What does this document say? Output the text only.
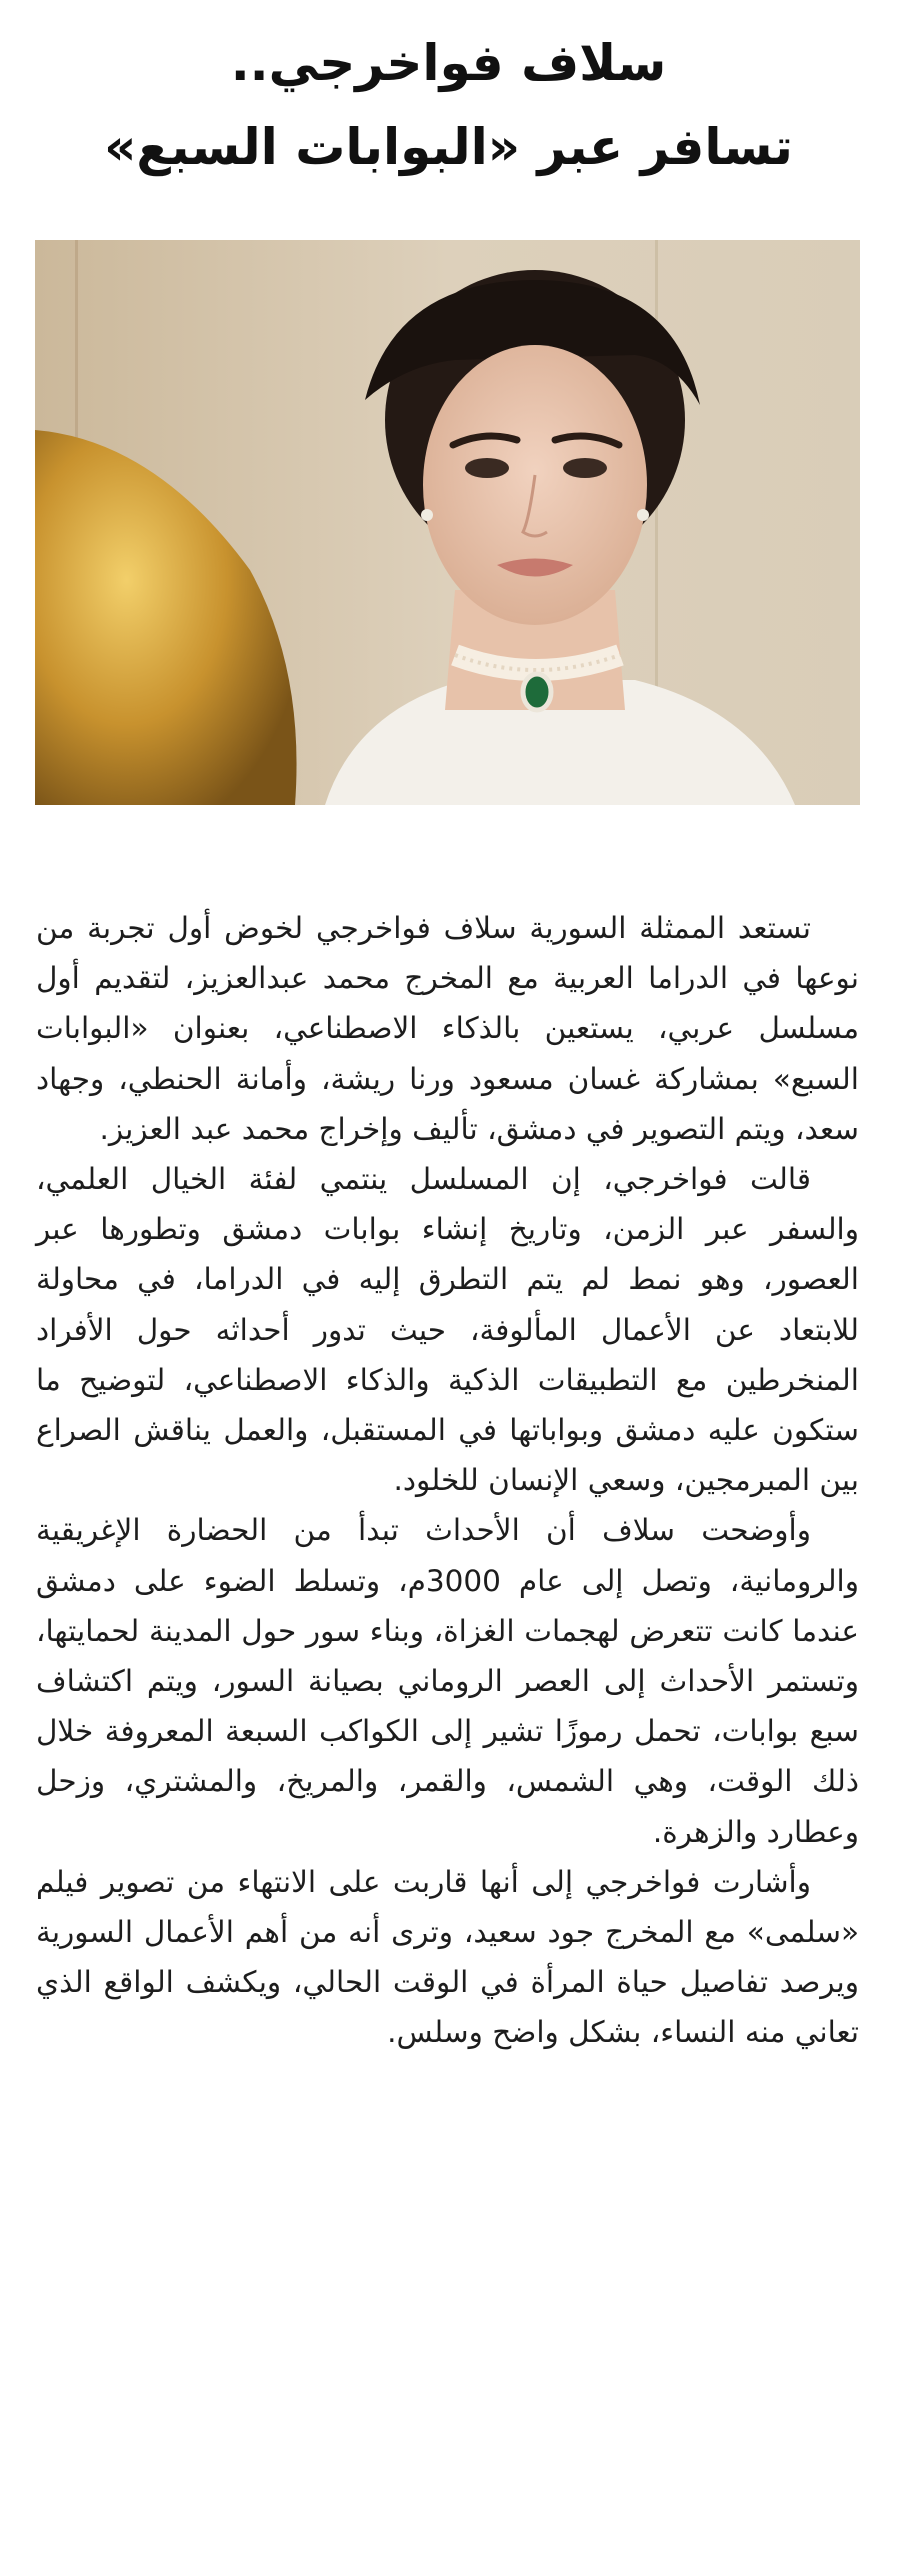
سلاف فواخرجي..
تسافر عبر «البوابات السبع»

تستعد الممثلة السورية سلاف فواخرجي لخوض أول تجربة من نوعها في الدراما العربية مع المخرج محمد عبدالعزيز، لتقديم أول مسلسل عربي، يستعين بالذكاء الاصطناعي، بعنوان «البوابات السبع» بمشاركة غسان مسعود ورنا ريشة، وأمانة الحنطي، وجهاد سعد، ويتم التصوير في دمشق، تأليف وإخراج محمد عبد العزيز.

قالت فواخرجي، إن المسلسل ينتمي لفئة الخيال العلمي، والسفر عبر الزمن، وتاريخ إنشاء بوابات دمشق وتطورها عبر العصور، وهو نمط لم يتم التطرق إليه في الدراما، في محاولة للابتعاد عن الأعمال المألوفة، حيث تدور أحداثه حول الأفراد المنخرطين مع التطبيقات الذكية والذكاء الاصطناعي، لتوضيح ما ستكون عليه دمشق وبواباتها في المستقبل، والعمل يناقش الصراع بين المبرمجين، وسعي الإنسان للخلود.

وأوضحت سلاف أن الأحداث تبدأ من الحضارة الإغريقية والرومانية، وتصل إلى عام 3000م، وتسلط الضوء على دمشق عندما كانت تتعرض لهجمات الغزاة، وبناء سور حول المدينة لحمايتها، وتستمر الأحداث إلى العصر الروماني بصيانة السور، ويتم اكتشاف سبع بوابات، تحمل رموزًا تشير إلى الكواكب السبعة المعروفة خلال ذلك الوقت، وهي الشمس، والقمر، والمريخ، والمشتري، وزحل وعطارد والزهرة.

وأشارت فواخرجي إلى أنها قاربت على الانتهاء من تصوير فيلم «سلمى» مع المخرج جود سعيد، وترى أنه من أهم الأعمال السورية ويرصد تفاصيل حياة المرأة في الوقت الحالي، ويكشف الواقع الذي تعاني منه النساء، بشكل واضح وسلس.
